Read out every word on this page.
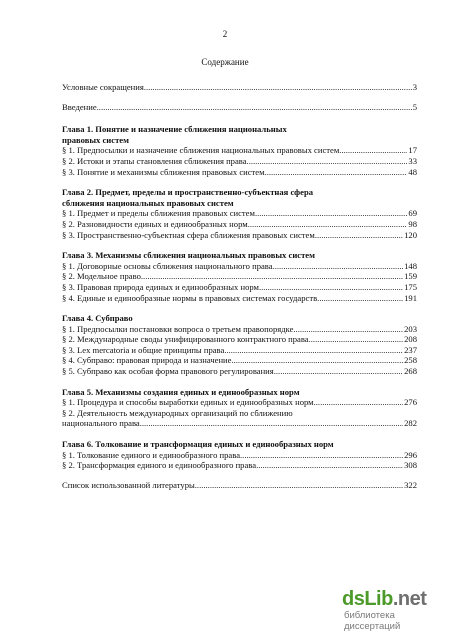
2
Содержание
Условные сокращения .....	3
Введение .....	5
Глава 1. Понятие и назначение сближения национальных
правовых систем
§ 1. Предпосылки и назначение сближения национальных правовых систем .....	17
§ 2. Истоки и этапы становления сближения права .....	33
§ 3. Понятие и механизмы сближения правовых систем .....	48
Глава 2. Предмет, пределы и пространственно-субъектная сфера
сближения национальных правовых систем
§ 1. Предмет и пределы сближения правовых систем .....	69
§ 2. Разновидности единых и единообразных норм .....	98
§ 3. Пространственно-субъектная сфера сближения правовых систем .....	120
Глава 3. Механизмы сближения национальных правовых систем
§ 1. Договорные основы сближения национального права .....	148
§ 2. Модельное право .....	159
§ 3. Правовая природа единых и единообразных норм .....	175
§ 4. Единые и единообразные нормы в правовых системах государств .....	191
Глава 4. Субправо
§ 1. Предпосылки постановки вопроса о третьем правопорядке .....	203
§ 2. Международные своды унифицированного контрактного права .....	208
§ 3. Lex mercatoria и общие принципы права .....	237
§ 4. Субправо: правовая природа и назначение .....	258
§ 5. Субправо как особая форма правового регулирования .....	268
Глава 5. Механизмы создания единых и единообразных норм
§ 1. Процедура и способы выработки единых и единообразных норм .....	276
§ 2. Деятельность международных организаций по сближению
национального права .....	282
Глава 6. Толкование и трансформация единых и единообразных норм
§ 1. Толкование единого и единообразного права .....	296
§ 2. Трансформация единого и единообразного права .....	308
Список использованной литературы .....	322
dsLib.net
библиотека диссертаций
